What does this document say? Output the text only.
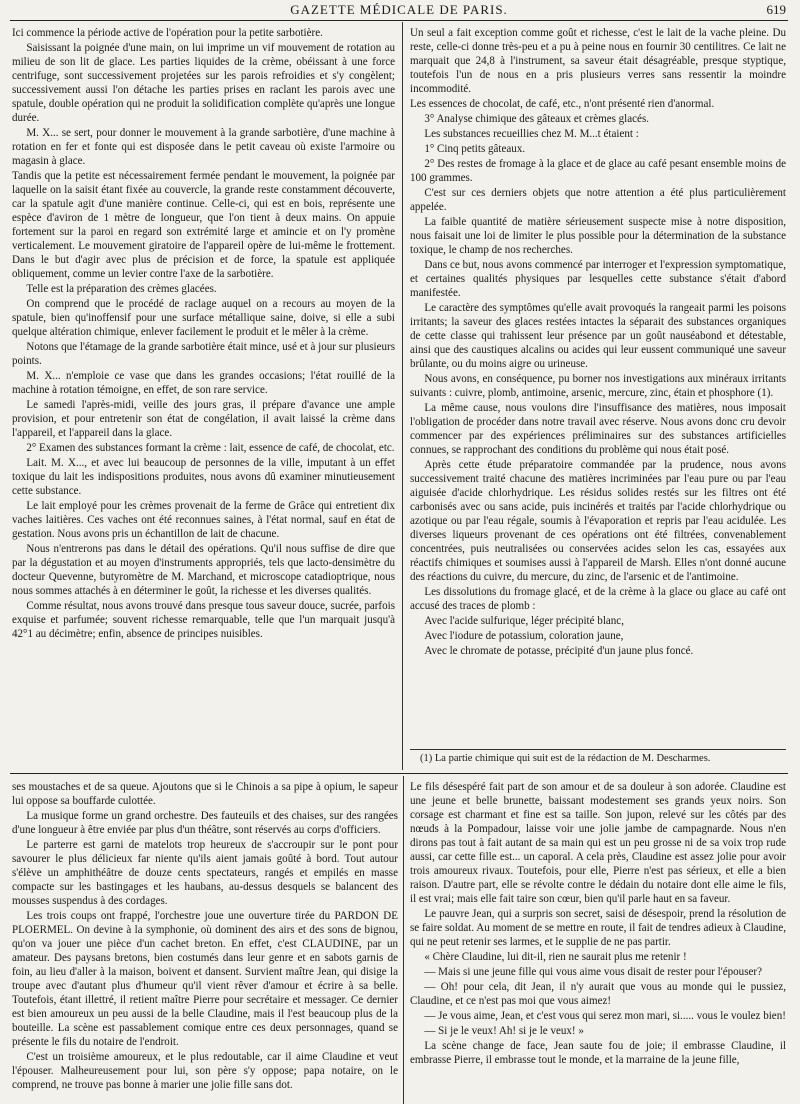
GAZETTE MÉDICALE DE PARIS.	619

Ici commence la période active de l'opération pour la petite sarbotière.

Saisissant la poignée d'une main, on lui imprime un vif mouvement de rotation au milieu de son lit de glace. Les parties liquides de la crème, obéissant à une force centrifuge, sont successivement projetées sur les parois refroidies et s'y congèlent; successivement aussi l'on détache les parties prises en raclant les parois avec une spatule, double opération qui ne produit la solidification complète qu'après une longue durée.

M. X... se sert, pour donner le mouvement à la grande sarbotière, d'une machine à rotation en fer et fonte qui est disposée dans le petit caveau où existe l'armoire ou magasin à glace.

Tandis que la petite est nécessairement fermée pendant le mouvement, la poignée par laquelle on la saisit étant fixée au couvercle, la grande reste constamment découverte, car la spatule agit d'une manière continue. Celle-ci, qui est en bois, représente une espèce d'aviron de 1 mètre de longueur, que l'on tient à deux mains. On appuie fortement sur la paroi en regard son extrémité large et amincie et on l'y promène verticalement. Le mouvement giratoire de l'appareil opère de lui-même le frottement. Dans le but d'agir avec plus de précision et de force, la spatule est appliquée obliquement, comme un levier contre l'axe de la sarbotière.

Telle est la préparation des crèmes glacées.

On comprend que le procédé de raclage auquel on a recours au moyen de la spatule, bien qu'inoffensif pour une surface métallique saine, doive, si elle a subi quelque altération chimique, enlever facilement le produit et le mêler à la crème.

Notons que l'étamage de la grande sarbotière était mince, usé et à jour sur plusieurs points.

M. X... n'emploie ce vase que dans les grandes occasions; l'état rouillé de la machine à rotation témoigne, en effet, de son rare service.

Le samedi l'après-midi, veille des jours gras, il prépare d'avance une ample provision, et pour entretenir son état de congélation, il avait laissé la crème dans l'appareil, et l'appareil dans la glace.

2° Examen des substances formant la crème : lait, essence de café, de chocolat, etc.

Lait. M. X..., et avec lui beaucoup de personnes de la ville, imputant à un effet toxique du lait les indispositions produites, nous avons dû examiner minutieusement cette substance.

Le lait employé pour les crèmes provenait de la ferme de Grâce qui entretient dix vaches laitières. Ces vaches ont été reconnues saines, à l'état normal, sauf en état de gestation. Nous avons pris un échantillon de lait de chacune.

Nous n'entrerons pas dans le détail des opérations. Qu'il nous suffise de dire que par la dégustation et au moyen d'instruments appropriés, tels que lacto-densimètre du docteur Quevenne, butyromètre de M. Marchand, et microscope catadioptrique, nous nous sommes attachés à en déterminer le goût, la richesse et les diverses qualités.

Comme résultat, nous avons trouvé dans presque tous saveur douce, sucrée, parfois exquise et parfumée; souvent richesse remarquable, telle que l'un marquait jusqu'à 42°1 au décimètre; enfin, absence de principes nuisibles.

Un seul a fait exception comme goût et richesse, c'est le lait de la vache pleine. Du reste, celle-ci donne très-peu et a pu à peine nous en fournir 30 centilitres. Ce lait ne marquait que 24,8 à l'instrument, sa saveur était désagréable, presque styptique, toutefois l'un de nous en a pris plusieurs verres sans ressentir la moindre incommodité.

Les essences de chocolat, de café, etc., n'ont présenté rien d'anormal.

3° Analyse chimique des gâteaux et crèmes glacés.

Les substances recueillies chez M. M...t étaient :

1° Cinq petits gâteaux.

2° Des restes de fromage à la glace et de glace au café pesant ensemble moins de 100 grammes.

C'est sur ces derniers objets que notre attention a été plus particulièrement appelée.

La faible quantité de matière sérieusement suspecte mise à notre disposition, nous faisait une loi de limiter le plus possible pour la détermination de la substance toxique, le champ de nos recherches.

Dans ce but, nous avons commencé par interroger et l'expression symptomatique, et certaines qualités physiques par lesquelles cette substance s'était d'abord manifestée.

Le caractère des symptômes qu'elle avait provoqués la rangeait parmi les poisons irritants; la saveur des glaces restées intactes la séparait des substances organiques de cette classe qui trahissent leur présence par un goût nauséabond et détestable, ainsi que des caustiques alcalins ou acides qui leur eussent communiqué une saveur brûlante, ou du moins aigre ou urineuse.

Nous avons, en conséquence, pu borner nos investigations aux minéraux irritants suivants : cuivre, plomb, antimoine, arsenic, mercure, zinc, étain et phosphore (1).

La même cause, nous voulons dire l'insuffisance des matières, nous imposait l'obligation de procéder dans notre travail avec réserve. Nous avons donc cru devoir commencer par des expériences préliminaires sur des substances artificielles connues, se rapprochant des conditions du problème qui nous était posé.

Après cette étude préparatoire commandée par la prudence, nous avons successivement traité chacune des matières incriminées par l'eau pure ou par l'eau aiguisée d'acide chlorhydrique. Les résidus solides restés sur les filtres ont été carbonisés avec ou sans acide, puis incinérés et traités par l'acide chlorhydrique ou azotique ou par l'eau régale, soumis à l'évaporation et repris par l'eau acidulée. Les diverses liqueurs provenant de ces opérations ont été filtrées, convenablement concentrées, puis neutralisées ou conservées acides selon les cas, essayées aux réactifs chimiques et soumises aussi à l'appareil de Marsh. Elles n'ont donné aucune des réactions du cuivre, du mercure, du zinc, de l'arsenic et de l'antimoine.

Les dissolutions du fromage glacé, et de la crème à la glace ou glace au café ont accusé des traces de plomb :

Avec l'acide sulfurique, léger précipité blanc,

Avec l'iodure de potassium, coloration jaune,

Avec le chromate de potasse, précipité d'un jaune plus foncé.

(1) La partie chimique qui suit est de la rédaction de M. Descharmes.

ses moustaches et de sa queue. Ajoutons que si le Chinois a sa pipe à opium, le sapeur lui oppose sa bouffarde culottée.

La musique forme un grand orchestre. Des fauteuils et des chaises, sur des rangées d'une longueur à être enviée par plus d'un théâtre, sont réservés au corps d'officiers.

Le parterre est garni de matelots trop heureux de s'accroupir sur le pont pour savourer le plus délicieux far niente qu'ils aient jamais goûté à bord. Tout autour s'élève un amphithéâtre de douze cents spectateurs, rangés et empilés en masse compacte sur les bastingages et les haubans, au-dessus desquels se balancent des mousses suspendus à des cordages.

Les trois coups ont frappé, l'orchestre joue une ouverture tirée du PARDON DE PLOERMEL. On devine à la symphonie, où dominent des airs et des sons de bignou, qu'on va jouer une pièce d'un cachet breton. En effet, c'est CLAUDINE, par un amateur. Des paysans bretons, bien costumés dans leur genre et en sabots garnis de foin, au lieu d'aller à la maison, boivent et dansent. Survient maître Jean, qui disige la troupe avec d'autant plus d'humeur qu'il vient rêver d'amour et écrire à sa belle. Toutefois, étant illettré, il retient maître Pierre pour secrétaire et messager. Ce dernier est bien amoureux un peu aussi de la belle Claudine, mais il l'est beaucoup plus de la bouteille. La scène est passablement comique entre ces deux personnages, quand se présente le fils du notaire de l'endroit.

C'est un troisième amoureux, et le plus redoutable, car il aime Claudine et veut l'épouser. Malheureusement pour lui, son père s'y oppose; papa notaire, on le comprend, ne trouve pas bonne à marier une jolie fille sans dot.

Le fils désespéré fait part de son amour et de sa douleur à son adorée. Claudine est une jeune et belle brunette, baissant modestement ses grands yeux noirs. Son corsage est charmant et fine est sa taille. Son jupon, relevé sur les côtés par des nœuds à la Pompadour, laisse voir une jolie jambe de campagnarde. Nous n'en dirons pas tout à fait autant de sa main qui est un peu grosse ni de sa voix trop rude aussi, car cette fille est... un caporal. A cela près, Claudine est assez jolie pour avoir trois amoureux rivaux. Toutefois, pour elle, Pierre n'est pas sérieux, et elle a bien raison. D'autre part, elle se révolte contre le dédain du notaire dont elle aime le fils, il est vrai; mais elle fait taire son cœur, bien qu'il parle haut en sa faveur.

Le pauvre Jean, qui a surpris son secret, saisi de désespoir, prend la résolution de se faire soldat. Au moment de se mettre en route, il fait de tendres adieux à Claudine, qui ne peut retenir ses larmes, et le supplie de ne pas partir.

« Chère Claudine, lui dit-il, rien ne saurait plus me retenir !

— Mais si une jeune fille qui vous aime vous disait de rester pour l'épouser?

— Oh! pour cela, dit Jean, il n'y aurait que vous au monde qui le pussiez, Claudine, et ce n'est pas moi que vous aimez!

— Je vous aime, Jean, et c'est vous qui serez mon mari, si..... vous le voulez bien!

— Si je le veux! Ah! si je le veux! »

La scène change de face, Jean saute fou de joie; il embrasse Claudine, il embrasse Pierre, il embrasse tout le monde, et la marraine de la jeune fille,
